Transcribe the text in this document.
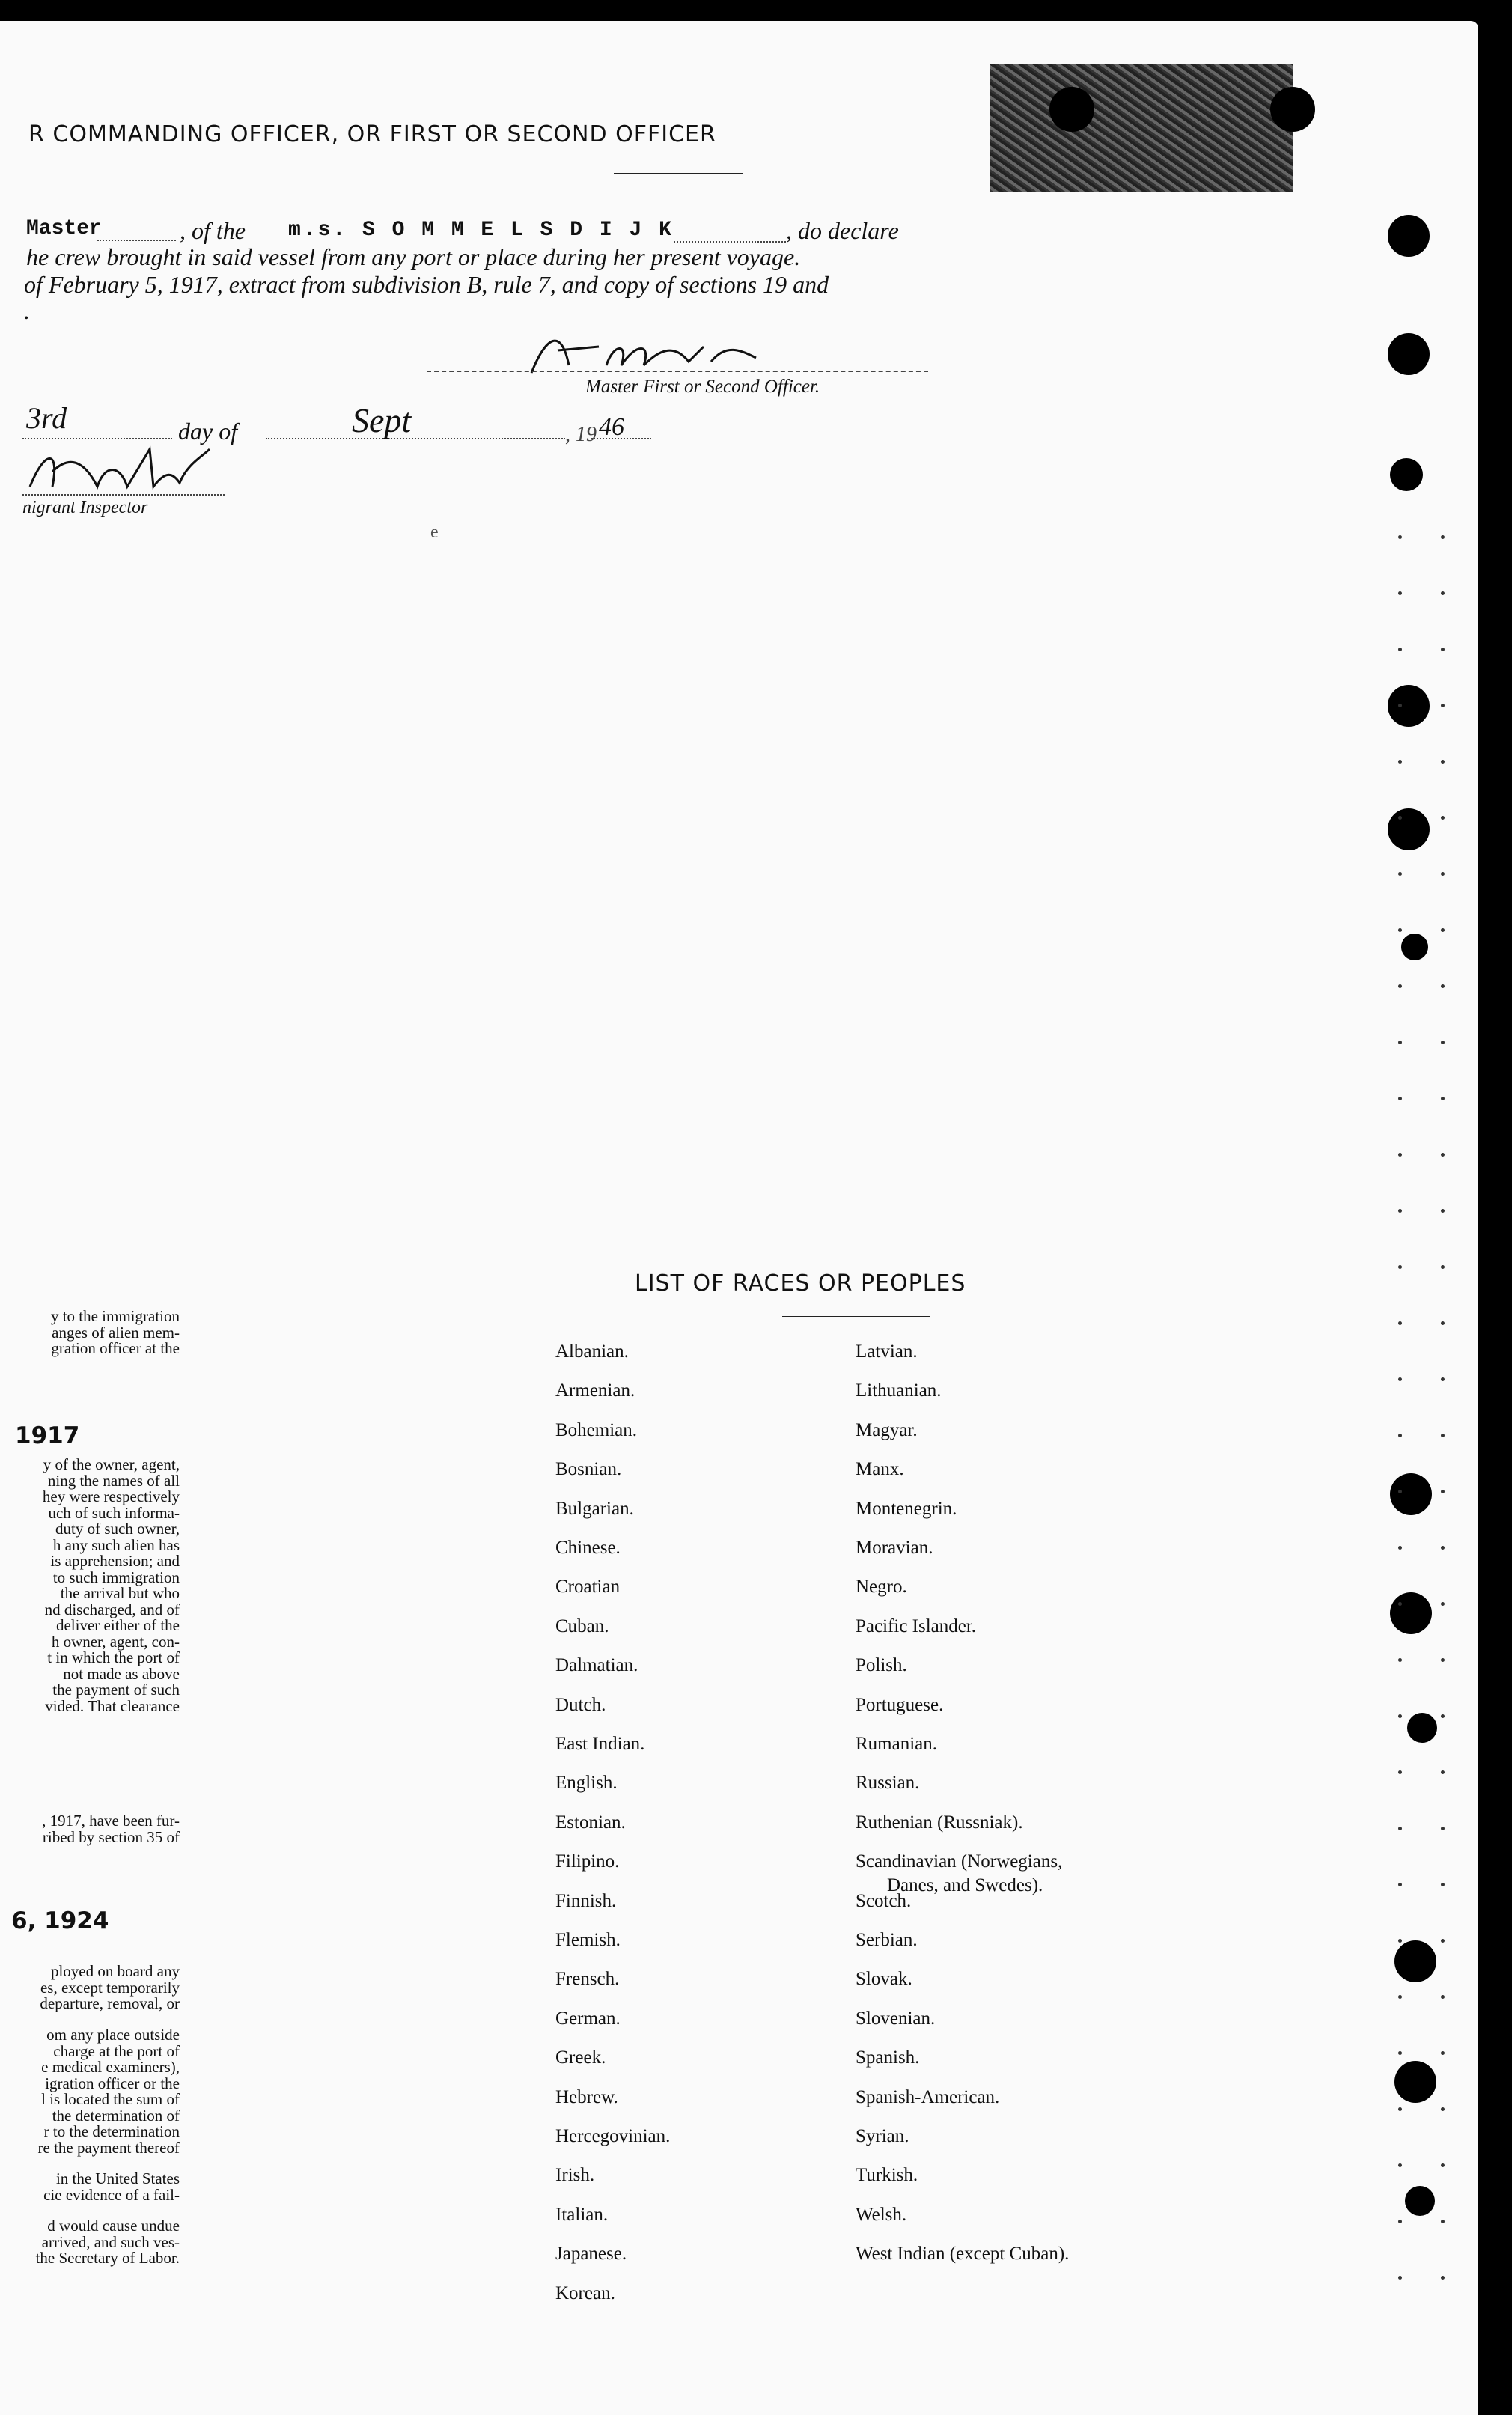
R COMMANDING OFFICER, OR FIRST OR SECOND OFFICER
Master	, of the m.s. S O M M E L S D I J K	, do declare
he crew brought in said vessel from any port or place during her present voyage.
of February 5, 1917, extract from subdivision B, rule 7, and copy of sections 19 and
.
Master First or Second Officer.
3rd	day of	Sept	, 19 46
nigrant Inspector
e
y to the immigration
anges of alien mem-
gration officer at the
1917
y of the owner, agent,
ning the names of all
hey were respectively
uch of such informa-
duty of such owner,
h any such alien has
is apprehension; and
to such immigration
the arrival but who
nd discharged, and of
deliver either of the
h owner, agent, con-
t in which the port of
not made as above
the payment of such
vided. That clearance
, 1917, have been fur-
ribed by section 35 of
6, 1924
ployed on board any
es, except temporarily
departure, removal, or
om any place outside
charge at the port of
e medical examiners),
igration officer or the
l is located the sum of
the determination of
r to the determination
re the payment thereof
in the United States
cie evidence of a fail-
d would cause undue
arrived, and such ves-
the Secretary of Labor.
LIST OF RACES OR PEOPLES
Albanian.
Armenian.
Bohemian.
Bosnian.
Bulgarian.
Chinese.
Croatian
Cuban.
Dalmatian.
Dutch.
East Indian.
English.
Estonian.
Filipino.
Finnish.
Flemish.
Frensch.
German.
Greek.
Hebrew.
Hercegovinian.
Irish.
Italian.
Japanese.
Korean.
Latvian.
Lithuanian.
Magyar.
Manx.
Montenegrin.
Moravian.
Negro.
Pacific Islander.
Polish.
Portuguese.
Rumanian.
Russian.
Ruthenian (Russniak).
Scandinavian (Norwegians,
Danes, and Swedes).
Scotch.
Serbian.
Slovak.
Slovenian.
Spanish.
Spanish-American.
Syrian.
Turkish.
Welsh.
West Indian (except Cuban).
